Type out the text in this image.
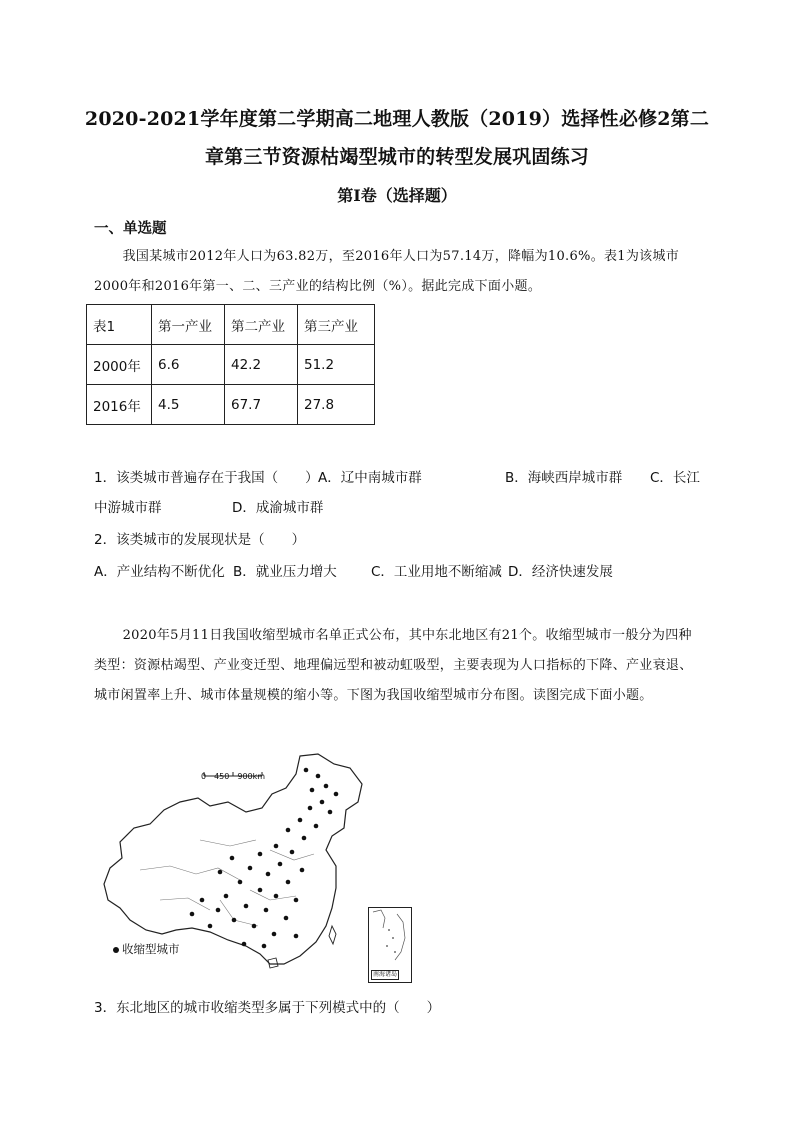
2020-2021学年度第二学期高二地理人教版（2019）选择性必修2第二
章第三节资源枯竭型城市的转型发展巩固练习
第I卷（选择题）
一、单选题
我国某城市2012年人口为63.82万，至2016年人口为57.14万，降幅为10.6%。表1为该城市2000年和2016年第一、二、三产业的结构比例（%）。据此完成下面小题。
表1	第一产业	第二产业	第三产业
2000年	6.6	42.2	51.2
2016年	4.5	67.7	27.8
1．该类城市普遍存在于我国（　　） A．辽中南城市群	B．海峡西岸城市群 C．长江
中游城市群	D．成渝城市群
2．该类城市的发展现状是（　　）
A．产业结构不断优化 B．就业压力增大	C．工业用地不断缩减 D．经济快速发展
2020年5月11日我国收缩型城市名单正式公布，其中东北地区有21个。收缩型城市一般分为四种类型：资源枯竭型、产业变迁型、地理偏远型和被动虹吸型，主要表现为人口指标的下降、产业衰退、城市闲置率上升、城市体量规模的缩小等。下图为我国收缩型城市分布图。读图完成下面小题。
0　450　900km
收缩型城市
南海诸岛
3．东北地区的城市收缩类型多属于下列模式中的（　　）
